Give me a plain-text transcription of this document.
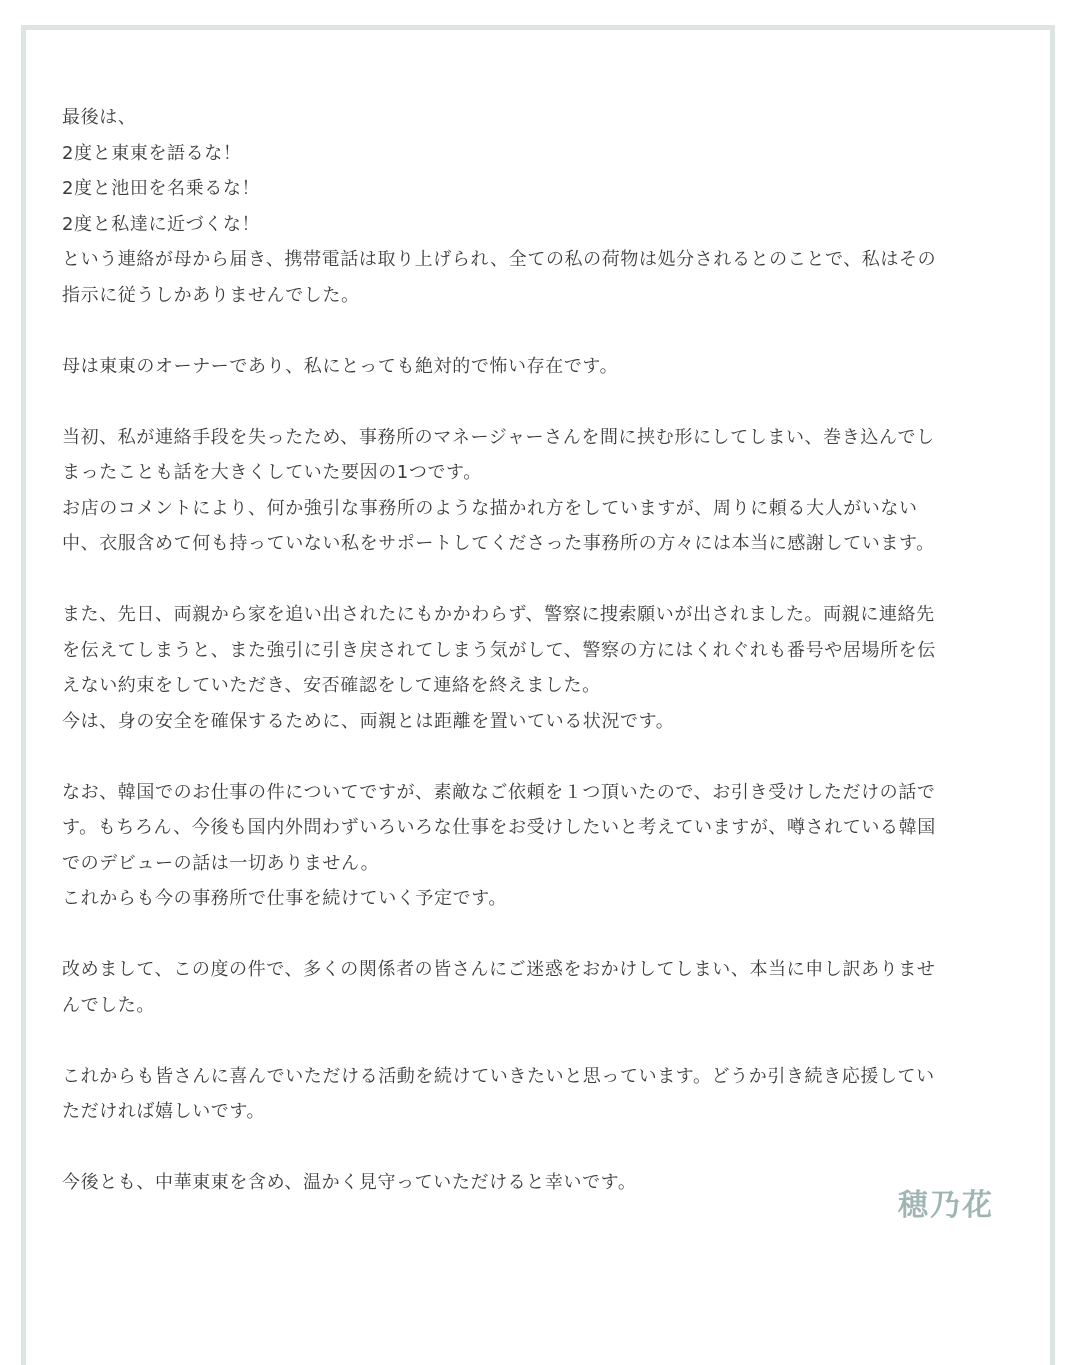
最後は、
2度と東東を語るな！
2度と池田を名乗るな！
2度と私達に近づくな！
という連絡が母から届き、携帯電話は取り上げられ、全ての私の荷物は処分されるとのことで、私はその
指示に従うしかありませんでした。
母は東東のオーナーであり、私にとっても絶対的で怖い存在です。
当初、私が連絡手段を失ったため、事務所のマネージャーさんを間に挟む形にしてしまい、巻き込んでし
まったことも話を大きくしていた要因の1つです。
お店のコメントにより、何か強引な事務所のような描かれ方をしていますが、周りに頼る大人がいない
中、衣服含めて何も持っていない私をサポートしてくださった事務所の方々には本当に感謝しています。
また、先日、両親から家を追い出されたにもかかわらず、警察に捜索願いが出されました。両親に連絡先
を伝えてしまうと、また強引に引き戻されてしまう気がして、警察の方にはくれぐれも番号や居場所を伝
えない約束をしていただき、安否確認をして連絡を終えました。
今は、身の安全を確保するために、両親とは距離を置いている状況です。
なお、韓国でのお仕事の件についてですが、素敵なご依頼を１つ頂いたので、お引き受けしただけの話で
す。もちろん、今後も国内外問わずいろいろな仕事をお受けしたいと考えていますが、噂されている韓国
でのデビューの話は一切ありません。
これからも今の事務所で仕事を続けていく予定です。
改めまして、この度の件で、多くの関係者の皆さんにご迷惑をおかけしてしまい、本当に申し訳ありませ
んでした。
これからも皆さんに喜んでいただける活動を続けていきたいと思っています。どうか引き続き応援してい
ただければ嬉しいです。
今後とも、中華東東を含め、温かく見守っていただけると幸いです。
穂乃花
